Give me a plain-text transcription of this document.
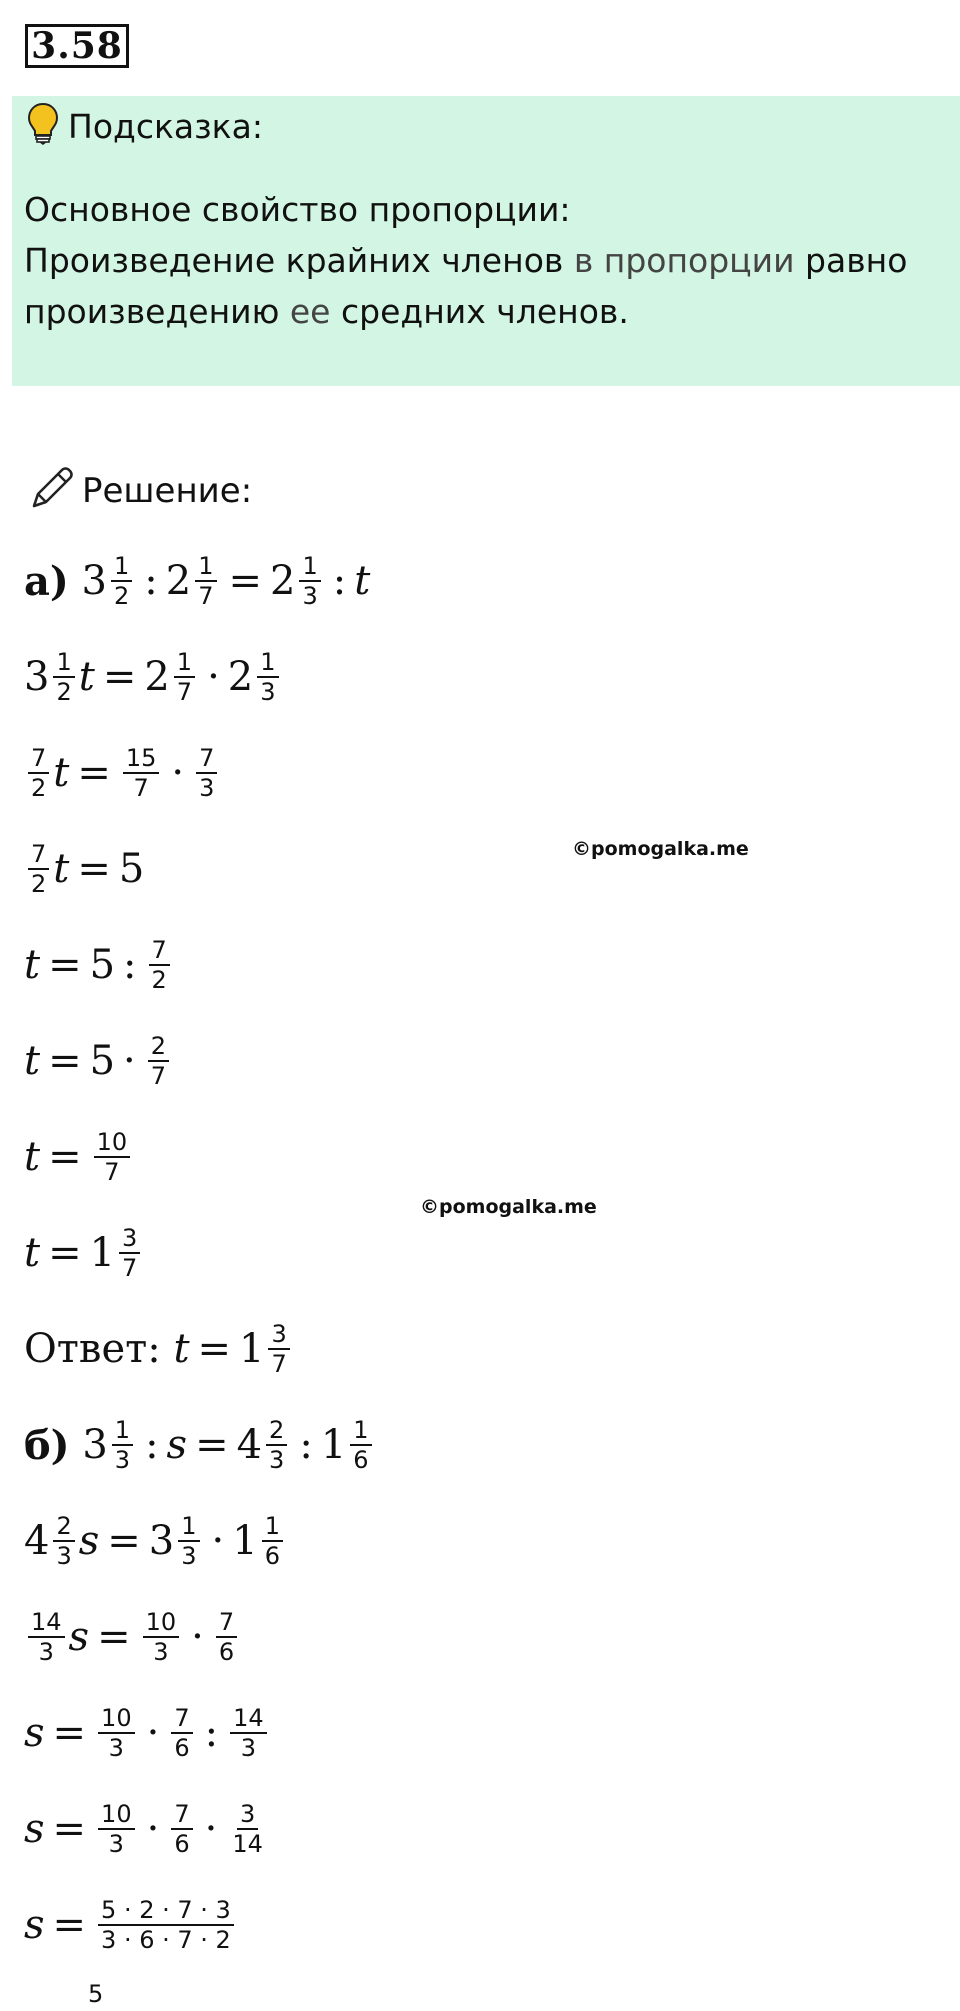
3.58
Подсказка:
Основное свойство пропорции:
Произведение крайних членов в пропорции равно
произведению ее средних членов.
Решение:
©pomogalka.me
©pomogalka.me
а) $3 \frac{1}{2}$ : $2 \frac{1}{7} = 2 \frac{1}{3}$ : t
$3 \frac{1}{2}$ $t = 2 \frac{1}{7} \cdot 2 \frac{1}{3}$
$\frac{7}{2}$ $t = \frac{15}{7} \cdot \frac{7}{3}$
$\frac{7}{2}$ t = 5
t = 5 : $\frac{7}{2}$
$t = 5 \cdot \frac{2}{7}$
$t = \frac{10}{7}$
$t = 1 \frac{3}{7}$
Ответ:
$t = 1 \frac{3}{7}$
б) $3 \frac{1}{3}$ : $s = 4 \frac{2}{3}$ : $1 \frac{1}{6}$
$4 \frac{2}{3}$ $s = 3 \frac{1}{3} \cdot 1 \frac{1}{6}$
$\frac{14}{3}$ $s = \frac{10}{3} \cdot \frac{7}{6}$
$s = \frac{10}{3} \cdot \frac{7}{6}$ : $\frac{14}{3}$
$s = \frac{10}{3} \cdot \frac{7}{6} \cdot \frac{3}{14}$
$s = \frac{5 \cdot 2 \cdot 7 \cdot 3}{3 \cdot 6 \cdot 7 \cdot 2}$
5
